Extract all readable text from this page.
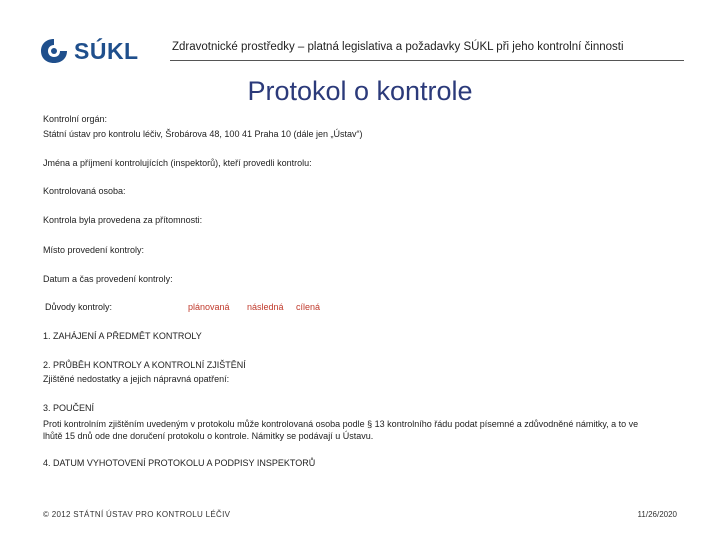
SÚKL	Zdravotnické prostředky – platná legislativa a požadavky SÚKL při jeho kontrolní činnosti
Protokol o kontrole
Kontrolní orgán:
Státní ústav pro kontrolu léčiv, Šrobárova 48, 100 41 Praha 10 (dále jen „Ústav“)
Jména a příjmení kontrolujících (inspektorů), kteří provedli kontrolu:
Kontrolovaná osoba:
Kontrola byla provedena za přítomnosti:
Místo provedení kontroly:
Datum a čas provedení kontroly:
Důvody kontroly:	plánovaná následná cílená
1. ZAHÁJENÍ A PŘEDMĚT KONTROLY
2. PRŮBĚH KONTROLY A KONTROLNÍ ZJIŠTĚNÍ
Zjištěné nedostatky a jejich nápravná opatření:
3. POUČENÍ
Proti kontrolním zjištěním uvedeným v protokolu může kontrolovaná osoba podle § 13 kontrolního řádu podat písemné a zdůvodněné námitky, a to ve
lhůtě 15 dnů ode dne doručení protokolu o kontrole. Námitky se podávají u Ústavu.
4. DATUM VYHOTOVENÍ PROTOKOLU A PODPISY INSPEKTORŮ
© 2012 STÁTNÍ ÚSTAV PRO KONTROLU LÉČIV	11/26/2020
